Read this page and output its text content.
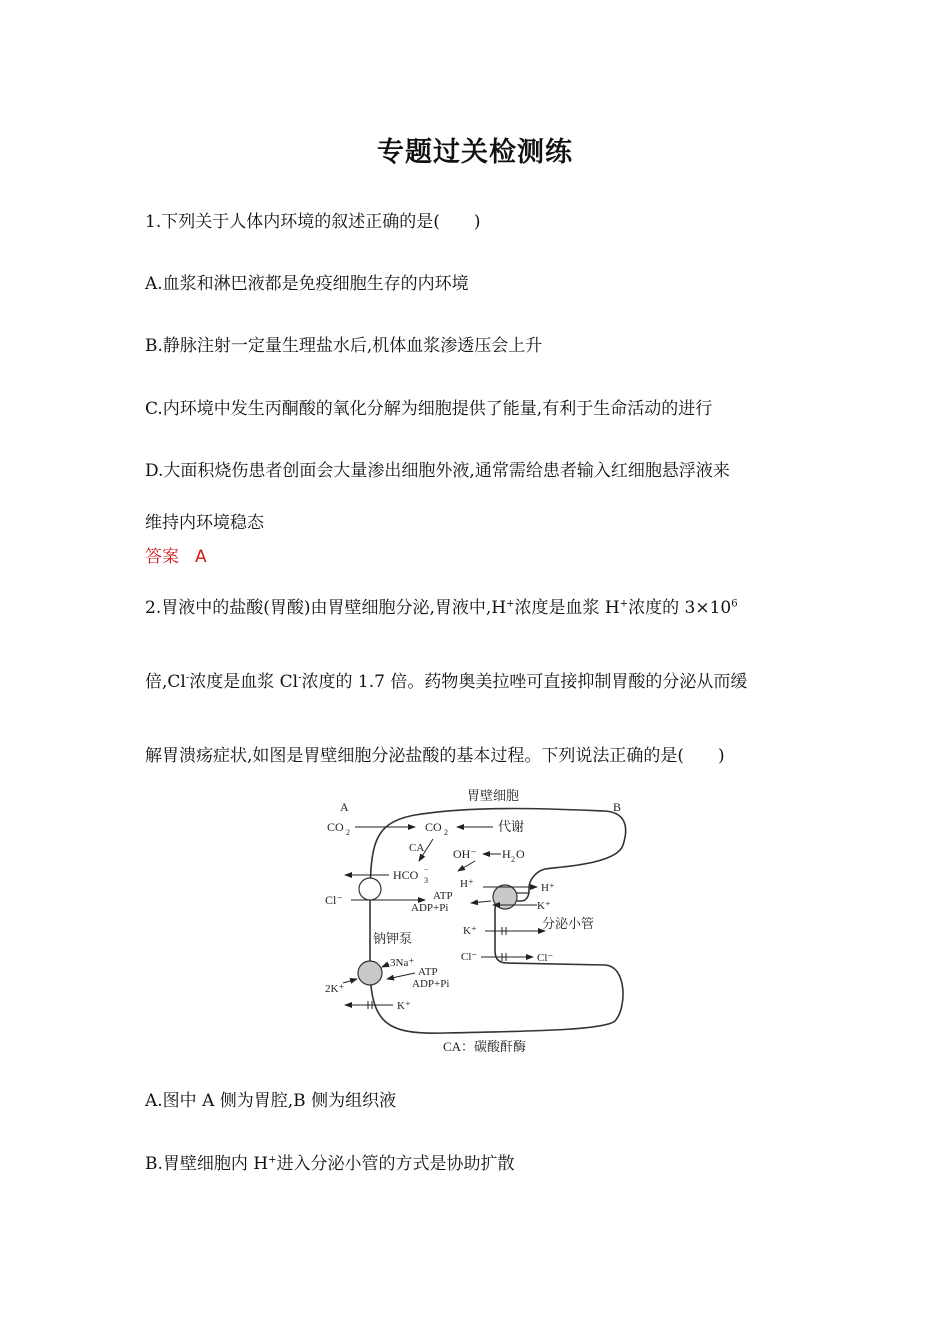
专题过关检测练
1.下列关于人体内环境的叙述正确的是(　　)
A.血浆和淋巴液都是免疫细胞生存的内环境
B.静脉注射一定量生理盐水后,机体血浆渗透压会上升
C.内环境中发生丙酮酸的氧化分解为细胞提供了能量,有利于生命活动的进行
D.大面积烧伤患者创面会大量渗出细胞外液,通常需给患者输入红细胞悬浮液来
维持内环境稳态
答案 A
2.胃液中的盐酸(胃酸)由胃壁细胞分泌,胃液中,H+浓度是血浆 H+浓度的 $3\times 10^6$
倍,Cl-浓度是血浆 Cl-浓度的 1.7 倍。药物奥美拉唑可直接抑制胃酸的分泌从而缓
解胃溃疡症状,如图是胃壁细胞分泌盐酸的基本过程。下列说法正确的是(　　)
胃壁细胞
A	B
CO 2	CO 2	代谢
CA OH⁻ H 2 O
HCO 3
−
Cl⁻
H⁺	H⁺
ATP
ADP+Pi	K⁺
分泌小管
K⁺
Cl⁻	Cl⁻
钠钾泵
3Na⁺
ATP
ADP+Pi
2K⁺
K⁺
CA：碳酸酐酶
A.图中 A 侧为胃腔,B 侧为组织液
B.胃壁细胞内 H+进入分泌小管的方式是协助扩散
